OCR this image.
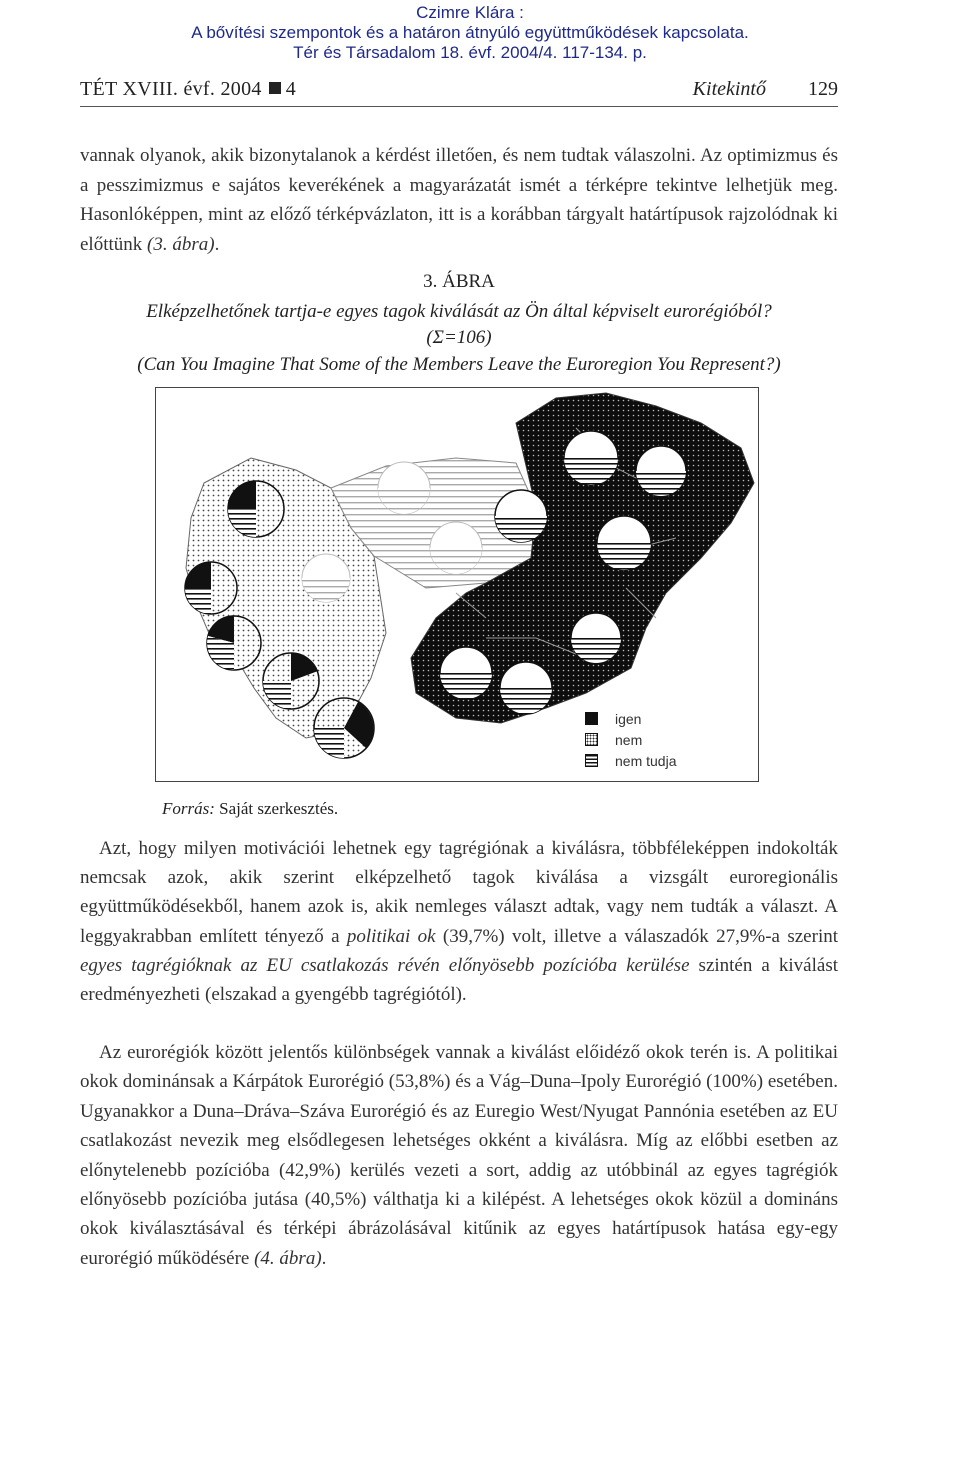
Czimre Klára :
A bővítési szempontok és a határon átnyúló együttműködések kapcsolata.
Tér és Társadalom 18. évf. 2004/4. 117-134. p.
TÉT XVIII. évf. 2004 4	Kitekintő 129

vannak olyanok, akik bizonytalanok a kérdést illetően, és nem tudtak válaszolni. Az optimizmus és a pesszimizmus e sajátos keverékének a magyarázatát ismét a térképre tekintve lelhetjük meg. Hasonlóképpen, mint az előző térképvázlaton, itt is a korábban tárgyalt határtípusok rajzolódnak ki előttünk (3. ábra).

3. ÁBRA
Elképzelhetőnek tartja-e egyes tagok kiválását az Ön által képviselt eurorégióból?
(Σ=106)
(Can You Imagine That Some of the Members Leave the Euroregion You Represent?)
igen
nem
nem tudja
Forrás: Saját szerkesztés.

Azt, hogy milyen motivációi lehetnek egy tagrégiónak a kiválásra, többféleképpen indokolták nemcsak azok, akik szerint elképzelhető tagok kiválása a vizsgált euroregionális együttműködésekből, hanem azok is, akik nemleges választ adtak, vagy nem tudták a választ. A leggyakrabban említett tényező a politikai ok (39,7%) volt, illetve a válaszadók 27,9%-a szerint egyes tagrégióknak az EU csatlakozás révén előnyösebb pozícióba kerülése szintén a kiválást eredményezheti (elszakad a gyengébb tagrégiótól).

Az eurorégiók között jelentős különbségek vannak a kiválást előidéző okok terén is. A politikai okok dominánsak a Kárpátok Eurorégió (53,8%) és a Vág–Duna–Ipoly Eurorégió (100%) esetében. Ugyanakkor a Duna–Dráva–Száva Eurorégió és az Euregio West/Nyugat Pannónia esetében az EU csatlakozást nevezik meg elsődlegesen lehetséges okként a kiválásra. Míg az előbbi esetben az előnytelenebb pozícióba (42,9%) kerülés vezeti a sort, addig az utóbbinál az egyes tagrégiók előnyösebb pozícióba jutása (40,5%) válthatja ki a kilépést. A lehetséges okok közül a domináns okok kiválasztásával és térképi ábrázolásával kitűnik az egyes határtípusok hatása egy-egy eurorégió működésére (4. ábra).
